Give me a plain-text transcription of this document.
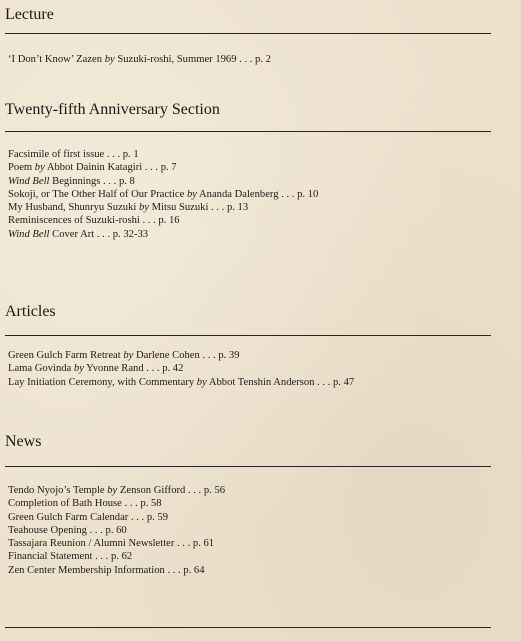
Lecture
‘I Don’t Know’ Zazen by Suzuki-roshi, Summer 1969 . . . p. 2
Twenty-fifth Anniversary Section
Facsimile of first issue . . . p. 1
Poem by Abbot Dainin Katagiri . . . p. 7
Wind Bell Beginnings . . . p. 8
Sokoji, or The Other Half of Our Practice by Ananda Dalenberg . . . p. 10
My Husband, Shunryu Suzuki by Mitsu Suzuki . . . p. 13
Reminiscences of Suzuki-roshi . . . p. 16
Wind Bell Cover Art . . . p. 32-33
Articles
Green Gulch Farm Retreat by Darlene Cohen . . . p. 39
Lama Govinda by Yvonne Rand . . . p. 42
Lay Initiation Ceremony, with Commentary by Abbot Tenshin Anderson . . . p. 47
News
Tendo Nyojo’s Temple by Zenson Gifford . . . p. 56
Completion of Bath House . . . p. 58
Green Gulch Farm Calendar . . . p. 59
Teahouse Opening . . . p. 60
Tassajara Reunion / Alumni Newsletter . . . p. 61
Financial Statement . . . p. 62
Zen Center Membership Information . . . p. 64
